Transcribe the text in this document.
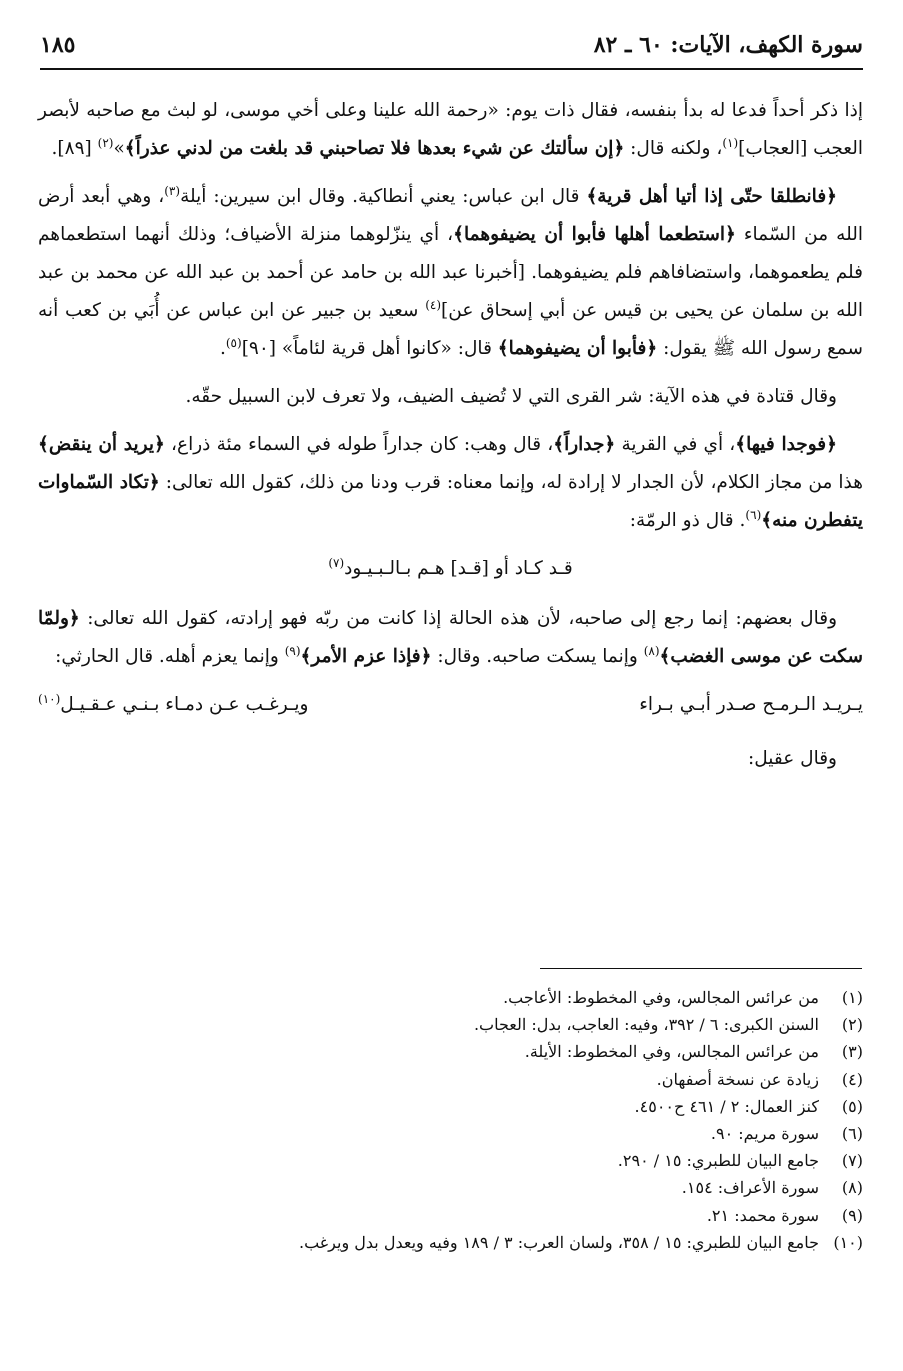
سورة الكهف، الآيات: ٦٠ ـ ٨٢
١٨٥

إذا ذكر أحداً فدعا له بدأ بنفسه، فقال ذات يوم: «رحمة الله علينا وعلى أخي موسى، لو لبث مع صاحبه لأبصر العجب [العجاب]$^{(١)}$، ولكنه قال: ﴿إن سألتك عن شيء بعدها فلا تصاحبني قد بلغت من لدني عذراً﴾»$^{(٢)}$ [٨٩].

﴿فانطلقا حتّى إذا أتيا أهل قرية﴾ قال ابن عباس: يعني أنطاكية. وقال ابن سيرين: أيلة$^{(٣)}$، وهي أبعد أرض الله من السّماء ﴿استطعما أهلها فأبوا أن يضيفوهما﴾، أي ينزّلوهما منزلة الأضياف؛ وذلك أنهما استطعماهم فلم يطعموهما، واستضافاهم فلم يضيفوهما. [أخبرنا عبد الله بن حامد عن أحمد بن عبد الله عن محمد بن عبد الله بن سلمان عن يحيى بن قيس عن أبي إسحاق عن]$^{(٤)}$ سعيد بن جبير عن ابن عباس عن أُبَي بن كعب أنه سمع رسول الله ﷺ يقول: ﴿فأبوا أن يضيفوهما﴾ قال: «كانوا أهل قرية لئاماً» [٩٠]$^{(٥)}$.

وقال قتادة في هذه الآية: شر القرى التي لا تُضيف الضيف، ولا تعرف لابن السبيل حقّه.

﴿فوجدا فيها﴾، أي في القرية ﴿جداراً﴾، قال وهب: كان جداراً طوله في السماء مئة ذراع، ﴿يريد أن ينقض﴾ هذا من مجاز الكلام، لأن الجدار لا إرادة له، وإنما معناه: قرب ودنا من ذلك، كقول الله تعالى: ﴿تكاد السّماوات يتفطرن منه﴾$^{(٦)}$. قال ذو الرمّة:

قـد كـاد أو [قـد] هـم بـالـبـيـود$^{(٧)}$

وقال بعضهم: إنما رجع إلى صاحبه، لأن هذه الحالة إذا كانت من ربّه فهو إرادته، كقول الله تعالى: ﴿ولمّا سكت عن موسى الغضب﴾$^{(٨)}$ وإنما يسكت صاحبه. وقال: ﴿فإذا عزم الأمر﴾$^{(٩)}$ وإنما يعزم أهله. قال الحارثي:

يـريـد الـرمـح صـدر أبـي بـراء
ويـرغـب عـن دمـاء بـنـي عـقـيـل$^{(١٠)}$

وقال عقيل:

(١)
من عرائس المجالس، وفي المخطوط: الأعاجب.
(٢)
السنن الكبرى: ٦ / ٣٩٢، وفيه: العاجب، بدل: العجاب.
(٣)
من عرائس المجالس، وفي المخطوط: الأيلة.
(٤)
زيادة عن نسخة أصفهان.
(٥)
كنز العمال: ٢ / ٤٦١ ح٤٥٠٠.
(٦)
سورة مريم: ٩٠.
(٧)
جامع البيان للطبري: ١٥ / ٢٩٠.
(٨)
سورة الأعراف: ١٥٤.
(٩)
سورة محمد: ٢١.
(١٠)
جامع البيان للطبري: ١٥ / ٣٥٨، ولسان العرب: ٣ / ١٨٩ وفيه ويعدل بدل ويرغب.
